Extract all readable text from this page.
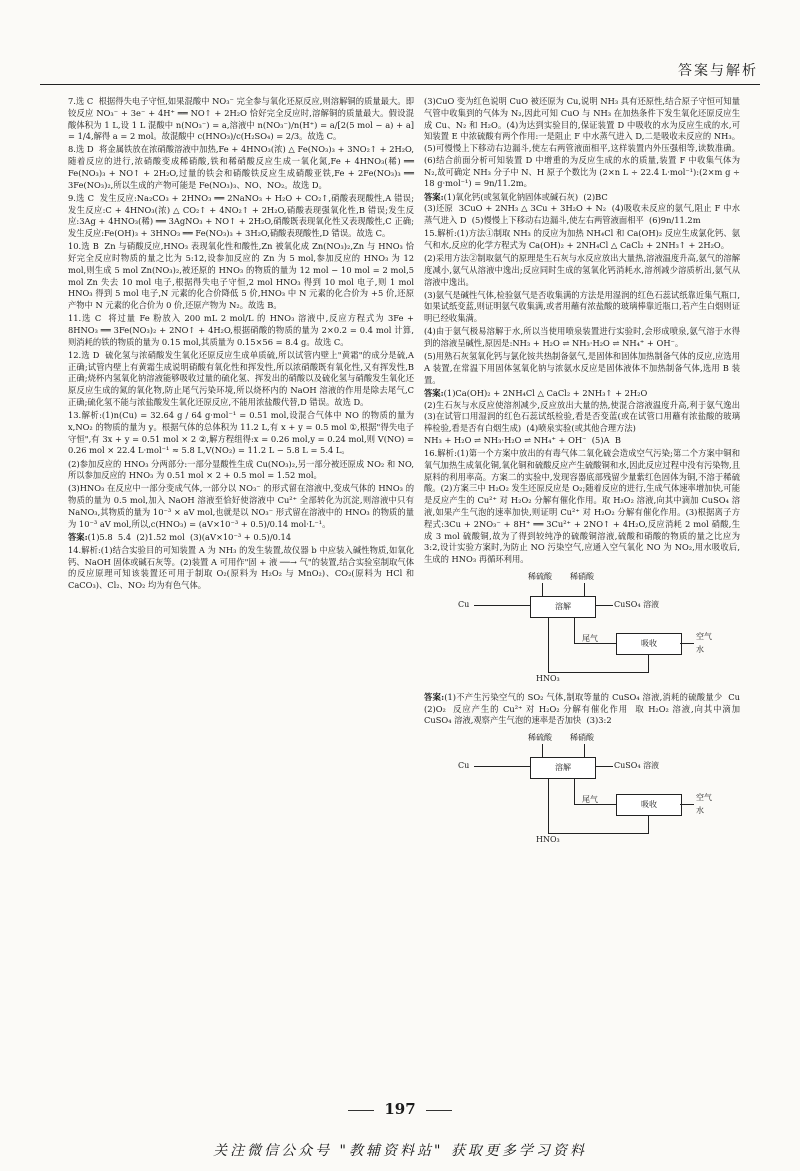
答案与解析

7.选 C  根据得失电子守恒,如果混酸中 NO₃⁻ 完全参与氧化还原反应,则溶解铜的质量最大。即铰反应 NO₃⁻ + 3e⁻ + 4H⁺ ══ NO↑ + 2H₂O 恰好完全反应时,溶解铜的质量最大。假设混酸体积为 1 L,设 1 L 混酸中 n(NO₃⁻) = a,溶液中 n(NO₃⁻)/n(H⁺) = a/[2(5 mol − a) + a] = 1/4,解得 a = 2 mol。故混酸中 c(HNO₃)/c(H₂SO₄) = 2/3。故选 C。

8.选 D  将金属铁放在浓硝酸溶液中加热,Fe + 4HNO₃(浓) △ Fe(NO₃)₃ + 3NO₂↑ + 2H₂O,随着反应的进行,浓硝酸变成稀硝酸,铁和稀硝酸反应生成一氧化氮,Fe + 4HNO₃(稀) ══ Fe(NO₃)₃ + NO↑ + 2H₂O,过量的铁会和硝酸铁反应生成硝酸亚铁,Fe + 2Fe(NO₃)₃ ══ 3Fe(NO₃)₂,所以生成的产物可能是 Fe(NO₃)₃、NO、NO₂。故选 D。

9.选 C  发生反应:Na₂CO₃ + 2HNO₃ ══ 2NaNO₃ + H₂O + CO₂↑,硝酸表现酸性,A 错误;发生反应:C + 4HNO₃(浓) △ CO₂↑ + 4NO₂↑ + 2H₂O,硝酸表现强氧化性,B 错误;发生反应:3Ag + 4HNO₃(稀) ══ 3AgNO₃ + NO↑ + 2H₂O,硝酸既表现氧化性又表现酸性,C 正确;发生反应:Fe(OH)₃ + 3HNO₃ ══ Fe(NO₃)₃ + 3H₂O,硝酸表现酸性,D 错误。故选 C。

10.选 B  Zn 与硝酸反应,HNO₃ 表现氧化性和酸性,Zn 被氧化成 Zn(NO₃)₂,Zn 与 HNO₃ 恰好完全反应时物质的量之比为 5:12,设参加反应的 Zn 为 5 mol,参加反应的 HNO₃ 为 12 mol,则生成 5 mol Zn(NO₃)₂,被还原的 HNO₃ 的物质的量为 12 mol − 10 mol = 2 mol,5 mol Zn 失去 10 mol 电子,根据得失电子守恒,2 mol HNO₃ 得到 10 mol 电子,则 1 mol HNO₃ 得到 5 mol 电子,N 元素的化合价降低 5 价,HNO₃ 中 N 元素的化合价为 +5 价,还原产物中 N 元素的化合价为 0 价,还原产物为 N₂。故选 B。

11.选 C  将过量 Fe 粉放入 200 mL 2 mol/L 的 HNO₃ 溶液中,反应方程式为 3Fe + 8HNO₃ ══ 3Fe(NO₃)₂ + 2NO↑ + 4H₂O,根据硝酸的物质的量为 2×0.2 = 0.4 mol 计算,则消耗的铁的物质的量为 0.15 mol,其质量为 0.15×56 = 8.4 g。故选 C。

12.选 D  硫化氢与浓硝酸发生氧化还原反应生成单质硫,所以试管内壁上"黄霜"的成分是硫,A 正确;试管内壁上有黄霜生成说明硝酸有氧化性和挥发性,所以浓硝酸既有氧化性,又有挥发性,B 正确;烧杯内氢氧化钠溶液能够吸收过量的硫化氢、挥发出的硝酸以及硫化氢与硝酸发生氧化还原反应生成的氮的氧化物,防止尾气污染环境,所以烧杯内的 NaOH 溶液的作用是除去尾气,C 正确;硫化氢不能与浓盐酸发生氧化还原反应,不能用浓盐酸代替,D 错误。故选 D。

13.解析:(1)n(Cu) = 32.64 g / 64 g·mol⁻¹ = 0.51 mol,设混合气体中 NO 的物质的量为 x,NO₂ 的物质的量为 y。根据气体的总体积为 11.2 L,有 x + y = 0.5 mol ①,根据"得失电子守恒",有 3x + y = 0.51 mol × 2 ②,解方程组得:x = 0.26 mol,y = 0.24 mol,则 V(NO) = 0.26 mol × 22.4 L·mol⁻¹ ≈ 5.8 L,V(NO₂) = 11.2 L − 5.8 L = 5.4 L。

(2)参加反应的 HNO₃ 分两部分:一部分显酸性生成 Cu(NO₃)₂,另一部分被还原成 NO₂ 和 NO,所以参加反应的 HNO₃ 为 0.51 mol × 2 + 0.5 mol = 1.52 mol。

(3)HNO₃ 在反应中一部分变成气体,一部分以 NO₃⁻ 的形式留在溶液中,变成气体的 HNO₃ 的物质的量为 0.5 mol,加入 NaOH 溶液至恰好使溶液中 Cu²⁺ 全部转化为沉淀,则溶液中只有 NaNO₃,其物质的量为 10⁻³ × aV mol,也就是以 NO₃⁻ 形式留在溶液中的 HNO₃ 的物质的量为 10⁻³ aV mol,所以,c(HNO₃) = (aV×10⁻³ + 0.5)/0.14 mol·L⁻¹。

答案:(1)5.8  5.4  (2)1.52 mol  (3)(aV×10⁻³ + 0.5)/0.14

14.解析:(1)结合实验目的可知装置 A 为 NH₃ 的发生装置,故仪器 b 中应装入碱性物质,如氧化钙、NaOH 固体或碱石灰等。(2)装置 A 可用作"固 + 液 ──→ 气"的装置,结合实验室制取气体的反应原理可知该装置还可用于制取 O₂(原料为 H₂O₂ 与 MnO₂)、CO₂(原料为 HCl 和 CaCO₃)、Cl₂、NO₂ 均为有色气体。

(3)CuO 变为红色说明 CuO 被还原为 Cu,说明 NH₃ 具有还原性,结合原子守恒可知量气管中收集到的气体为 N₂,因此可知 CuO 与 NH₃ 在加热条件下发生氧化还原反应生成 Cu、N₂ 和 H₂O。(4)为达到实验目的,保证装置 D 中吸收的水为反应生成的水,可知装置 E 中浓硫酸有两个作用:一是阻止 F 中水蒸气进入 D,二是吸收未反应的 NH₃。(5)可慢慢上下移动右边漏斗,使左右两管液面相平,这样装置内外压强相等,读数准确。(6)结合前面分析可知装置 D 中增重的为反应生成的水的质量,装置 F 中收集气体为 N₂,故可确定 NH₃ 分子中 N、H 原子个数比为 (2×n L ÷ 22.4 L·mol⁻¹):(2×m g ÷ 18 g·mol⁻¹) = 9n/11.2m。

答案:(1)氧化钙(或氢氧化钠固体或碱石灰)  (2)BC
(3)还原  3CuO + 2NH₃ △ 3Cu + 3H₂O + N₂  (4)吸收未反应的氨气,阻止 F 中水蒸气进入 D  (5)慢慢上下移动右边漏斗,使左右两管液面相平  (6)9n/11.2m

15.解析:(1)方法①制取 NH₃ 的反应为加热 NH₄Cl 和 Ca(OH)₂ 反应生成氯化钙、氨气和水,反应的化学方程式为 Ca(OH)₂ + 2NH₄Cl △ CaCl₂ + 2NH₃↑ + 2H₂O。

(2)采用方法②制取氨气的原理是生石灰与水反应放出大量热,溶液温度升高,氨气的溶解度减小,氨气从溶液中逸出;反应同时生成的氢氧化钙消耗水,溶剂减少溶质析出,氨气从溶液中逸出。

(3)氨气是碱性气体,检验氨气是否收集满的方法是用湿润的红色石蕊试纸靠近集气瓶口,如果试纸变蓝,则证明氨气收集满,或者用蘸有浓盐酸的玻璃棒靠近瓶口,若产生白烟则证明已经收集满。

(4)由于氨气极易溶解于水,所以当使用喷泉装置进行实验时,会形成喷泉,氨气溶于水得到的溶液呈碱性,原因是:NH₃ + H₂O ⇌ NH₃·H₂O ⇌ NH₄⁺ + OH⁻。

(5)用熟石灰氢氧化钙与氯化铵共热制备氨气,是固体和固体加热制备气体的反应,应选用 A 装置,在常温下用固体氢氧化钠与浓氨水反应是固体液体不加热制备气体,选用 B 装置。

答案:(1)Ca(OH)₂ + 2NH₄Cl △ CaCl₂ + 2NH₃↑ + 2H₂O
(2)生石灰与水反应使溶剂减少,反应放出大量的热,使混合溶液温度升高,利于氨气逸出  (3)在试管口用湿润的红色石蕊试纸检验,看是否变蓝(或在试管口用蘸有浓盐酸的玻璃棒检验,看是否有白烟生成)  (4)喷泉实验(或其他合理方法)
NH₃ + H₂O ⇌ NH₃·H₂O ⇌ NH₄⁺ + OH⁻  (5)A  B

16.解析:(1)第一个方案中放出的有毒气体二氧化硫会造成空气污染;第二个方案中铜和氧气加热生成氧化铜,氧化铜和硫酸反应产生硫酸铜和水,因此反应过程中没有污染物,且原料的利用率高。方案二的实验中,发现容器底部残留少量紫红色固体为铜,不溶于稀硫酸。(2)方案三中 H₂O₂ 发生还原反应是 O₂;随着反应的进行,生成气体速率增加快,可能是反应产生的 Cu²⁺ 对 H₂O₂ 分解有催化作用。取 H₂O₂ 溶液,向其中滴加 CuSO₄ 溶液,如果产生气泡的速率加快,则证明 Cu²⁺ 对 H₂O₂ 分解有催化作用。(3)根据离子方程式:3Cu + 2NO₃⁻ + 8H⁺ ══ 3Cu²⁺ + 2NO↑ + 4H₂O,反应消耗 2 mol 硝酸,生成 3 mol 硫酸铜,故为了得到较纯净的硫酸铜溶液,硫酸和硝酸的物质的量之比应为 3:2,设计实验方案时,为防止 NO 污染空气,应通入空气氧化 NO 为 NO₂,用水吸收后,生成的 HNO₃ 再循环利用。

稀硫酸 稀硝酸
Cu	溶解	CuSO₄ 溶液
尾气
吸收
空气
水
HNO₃

答案:(1)不产生污染空气的 SO₂ 气体,制取等量的 CuSO₄ 溶液,消耗的硫酸量少  Cu  (2)O₂  反应产生的 Cu²⁺ 对 H₂O₂ 分解有催化作用  取 H₂O₂ 溶液,向其中滴加 CuSO₄ 溶液,观察产生气泡的速率是否加快  (3)3:2

稀硫酸 稀硝酸
Cu	溶解	CuSO₄ 溶液
尾气
吸收
空气
水
HNO₃
197
关注微信公众号 "教辅资料站" 获取更多学习资料
